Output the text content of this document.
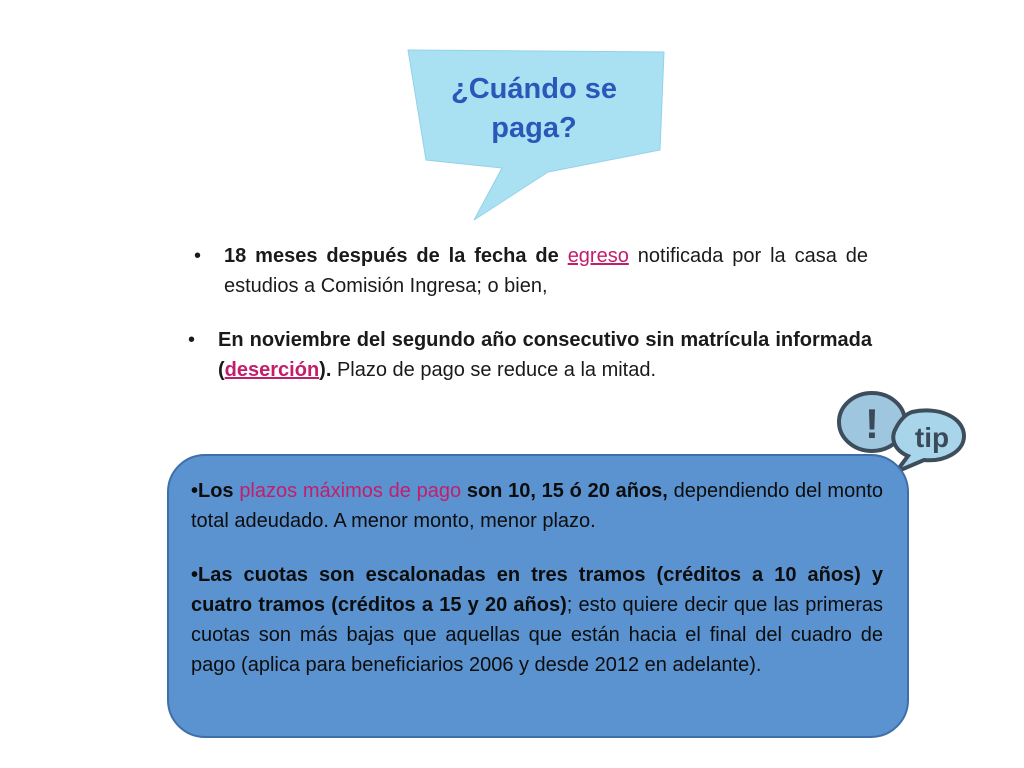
¿Cuándo se
paga?
• 18 meses después de la fecha de egreso notificada por la casa de estudios a Comisión Ingresa; o bien,
• En noviembre del segundo año consecutivo sin matrícula informada (deserción). Plazo de pago se reduce a la mitad.
! tip

•Los plazos máximos de pago son 10, 15 ó 20 años, dependiendo del monto total adeudado. A menor monto, menor plazo.

•Las cuotas son escalonadas en tres tramos (créditos a 10 años) y cuatro tramos (créditos a 15 y 20 años); esto quiere decir que las primeras cuotas son más bajas que aquellas que están hacia el final del cuadro de pago (aplica para beneficiarios 2006 y desde 2012 en adelante).
